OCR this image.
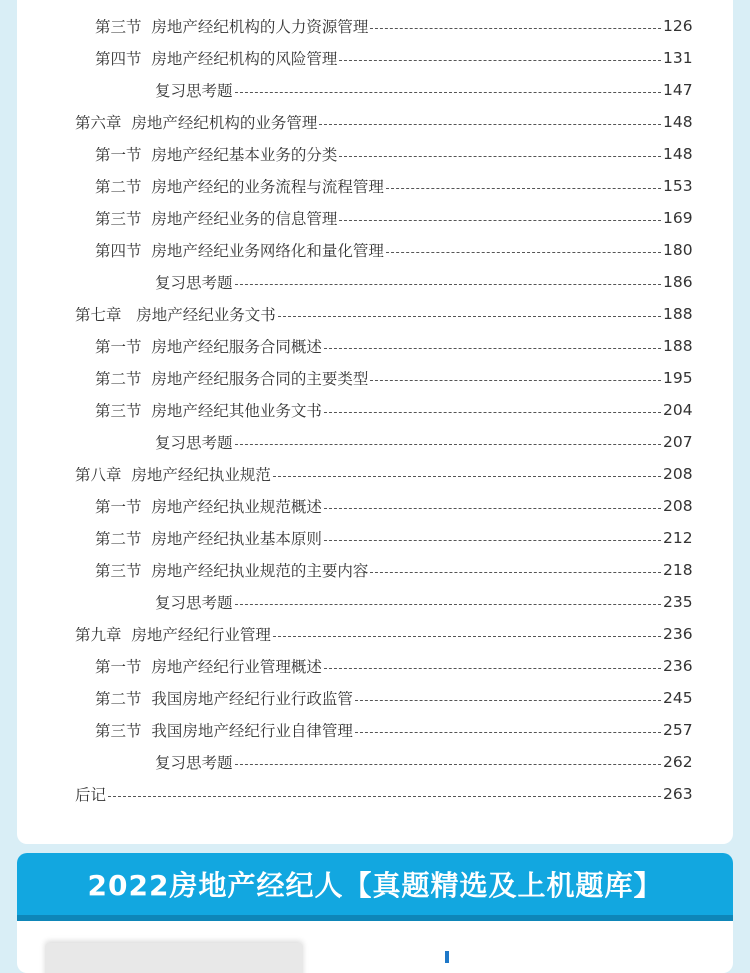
第三节 房地产经纪机构的人力资源管理	126
第四节 房地产经纪机构的风险管理	131
复习思考题	147
第六章 房地产经纪机构的业务管理	148
第一节 房地产经纪基本业务的分类	148
第二节 房地产经纪的业务流程与流程管理	153
第三节 房地产经纪业务的信息管理	169
第四节 房地产经纪业务网络化和量化管理	180
复习思考题	186
第七章 房地产经纪业务文书	188
第一节 房地产经纪服务合同概述	188
第二节 房地产经纪服务合同的主要类型	195
第三节 房地产经纪其他业务文书	204
复习思考题	207
第八章 房地产经纪执业规范	208
第一节 房地产经纪执业规范概述	208
第二节 房地产经纪执业基本原则	212
第三节 房地产经纪执业规范的主要内容	218
复习思考题	235
第九章 房地产经纪行业管理	236
第一节 房地产经纪行业管理概述	236
第二节 我国房地产经纪行业行政监管	245
第三节 我国房地产经纪行业自律管理	257
复习思考题	262
后记	263
2022房地产经纪人【真题精选及上机题库】
